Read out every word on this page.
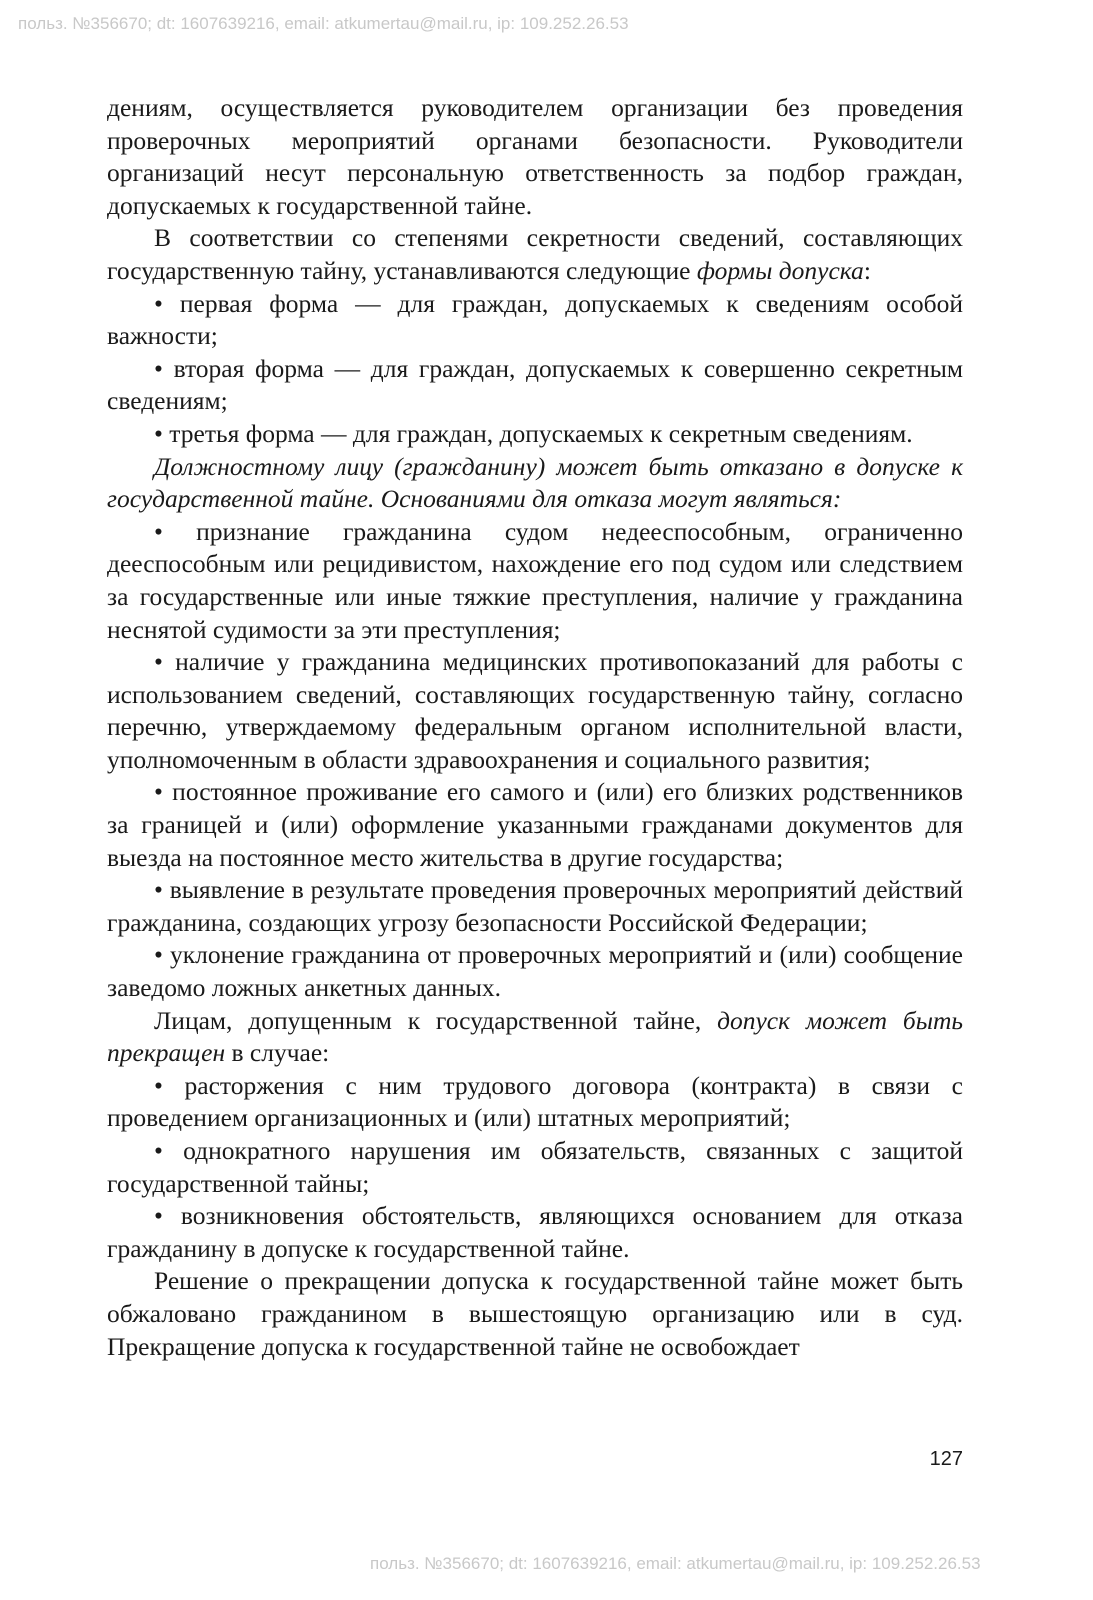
польз. №356670; dt: 1607639216, email: atkumertau@mail.ru, ip: 109.252.26.53

дениям, осуществляется руководителем организации без проведения проверочных мероприятий органами безопасности. Руководители организаций несут персональную ответственность за подбор граждан, допускаемых к государственной тайне.

В соответствии со степенями секретности сведений, составляющих государственную тайну, устанавливаются следующие формы допуска:

• первая форма — для граждан, допускаемых к сведениям особой важности;

• вторая форма — для граждан, допускаемых к совершенно секретным сведениям;

• третья форма — для граждан, допускаемых к секретным сведениям.

Должностному лицу (гражданину) может быть отказано в допуске к государственной тайне. Основаниями для отказа могут являться:

• признание гражданина судом недееспособным, ограниченно дееспособным или рецидивистом, нахождение его под судом или следствием за государственные или иные тяжкие преступления, наличие у гражданина неснятой судимости за эти преступления;

• наличие у гражданина медицинских противопоказаний для работы с использованием сведений, составляющих государственную тайну, согласно перечню, утверждаемому федеральным органом исполнительной власти, уполномоченным в области здравоохранения и социального развития;

• постоянное проживание его самого и (или) его близких родственников за границей и (или) оформление указанными гражданами документов для выезда на постоянное место жительства в другие государства;

• выявление в результате проведения проверочных мероприятий действий гражданина, создающих угрозу безопасности Российской Федерации;

• уклонение гражданина от проверочных мероприятий и (или) сообщение заведомо ложных анкетных данных.

Лицам, допущенным к государственной тайне, допуск может быть прекращен в случае:

• расторжения с ним трудового договора (контракта) в связи с проведением организационных и (или) штатных мероприятий;

• однократного нарушения им обязательств, связанных с защитой государственной тайны;

• возникновения обстоятельств, являющихся основанием для отказа гражданину в допуске к государственной тайне.

Решение о прекращении допуска к государственной тайне может быть обжаловано гражданином в вышестоящую организацию или в суд. Прекращение допуска к государственной тайне не освобождает

127
польз. №356670; dt: 1607639216, email: atkumertau@mail.ru, ip: 109.252.26.53
